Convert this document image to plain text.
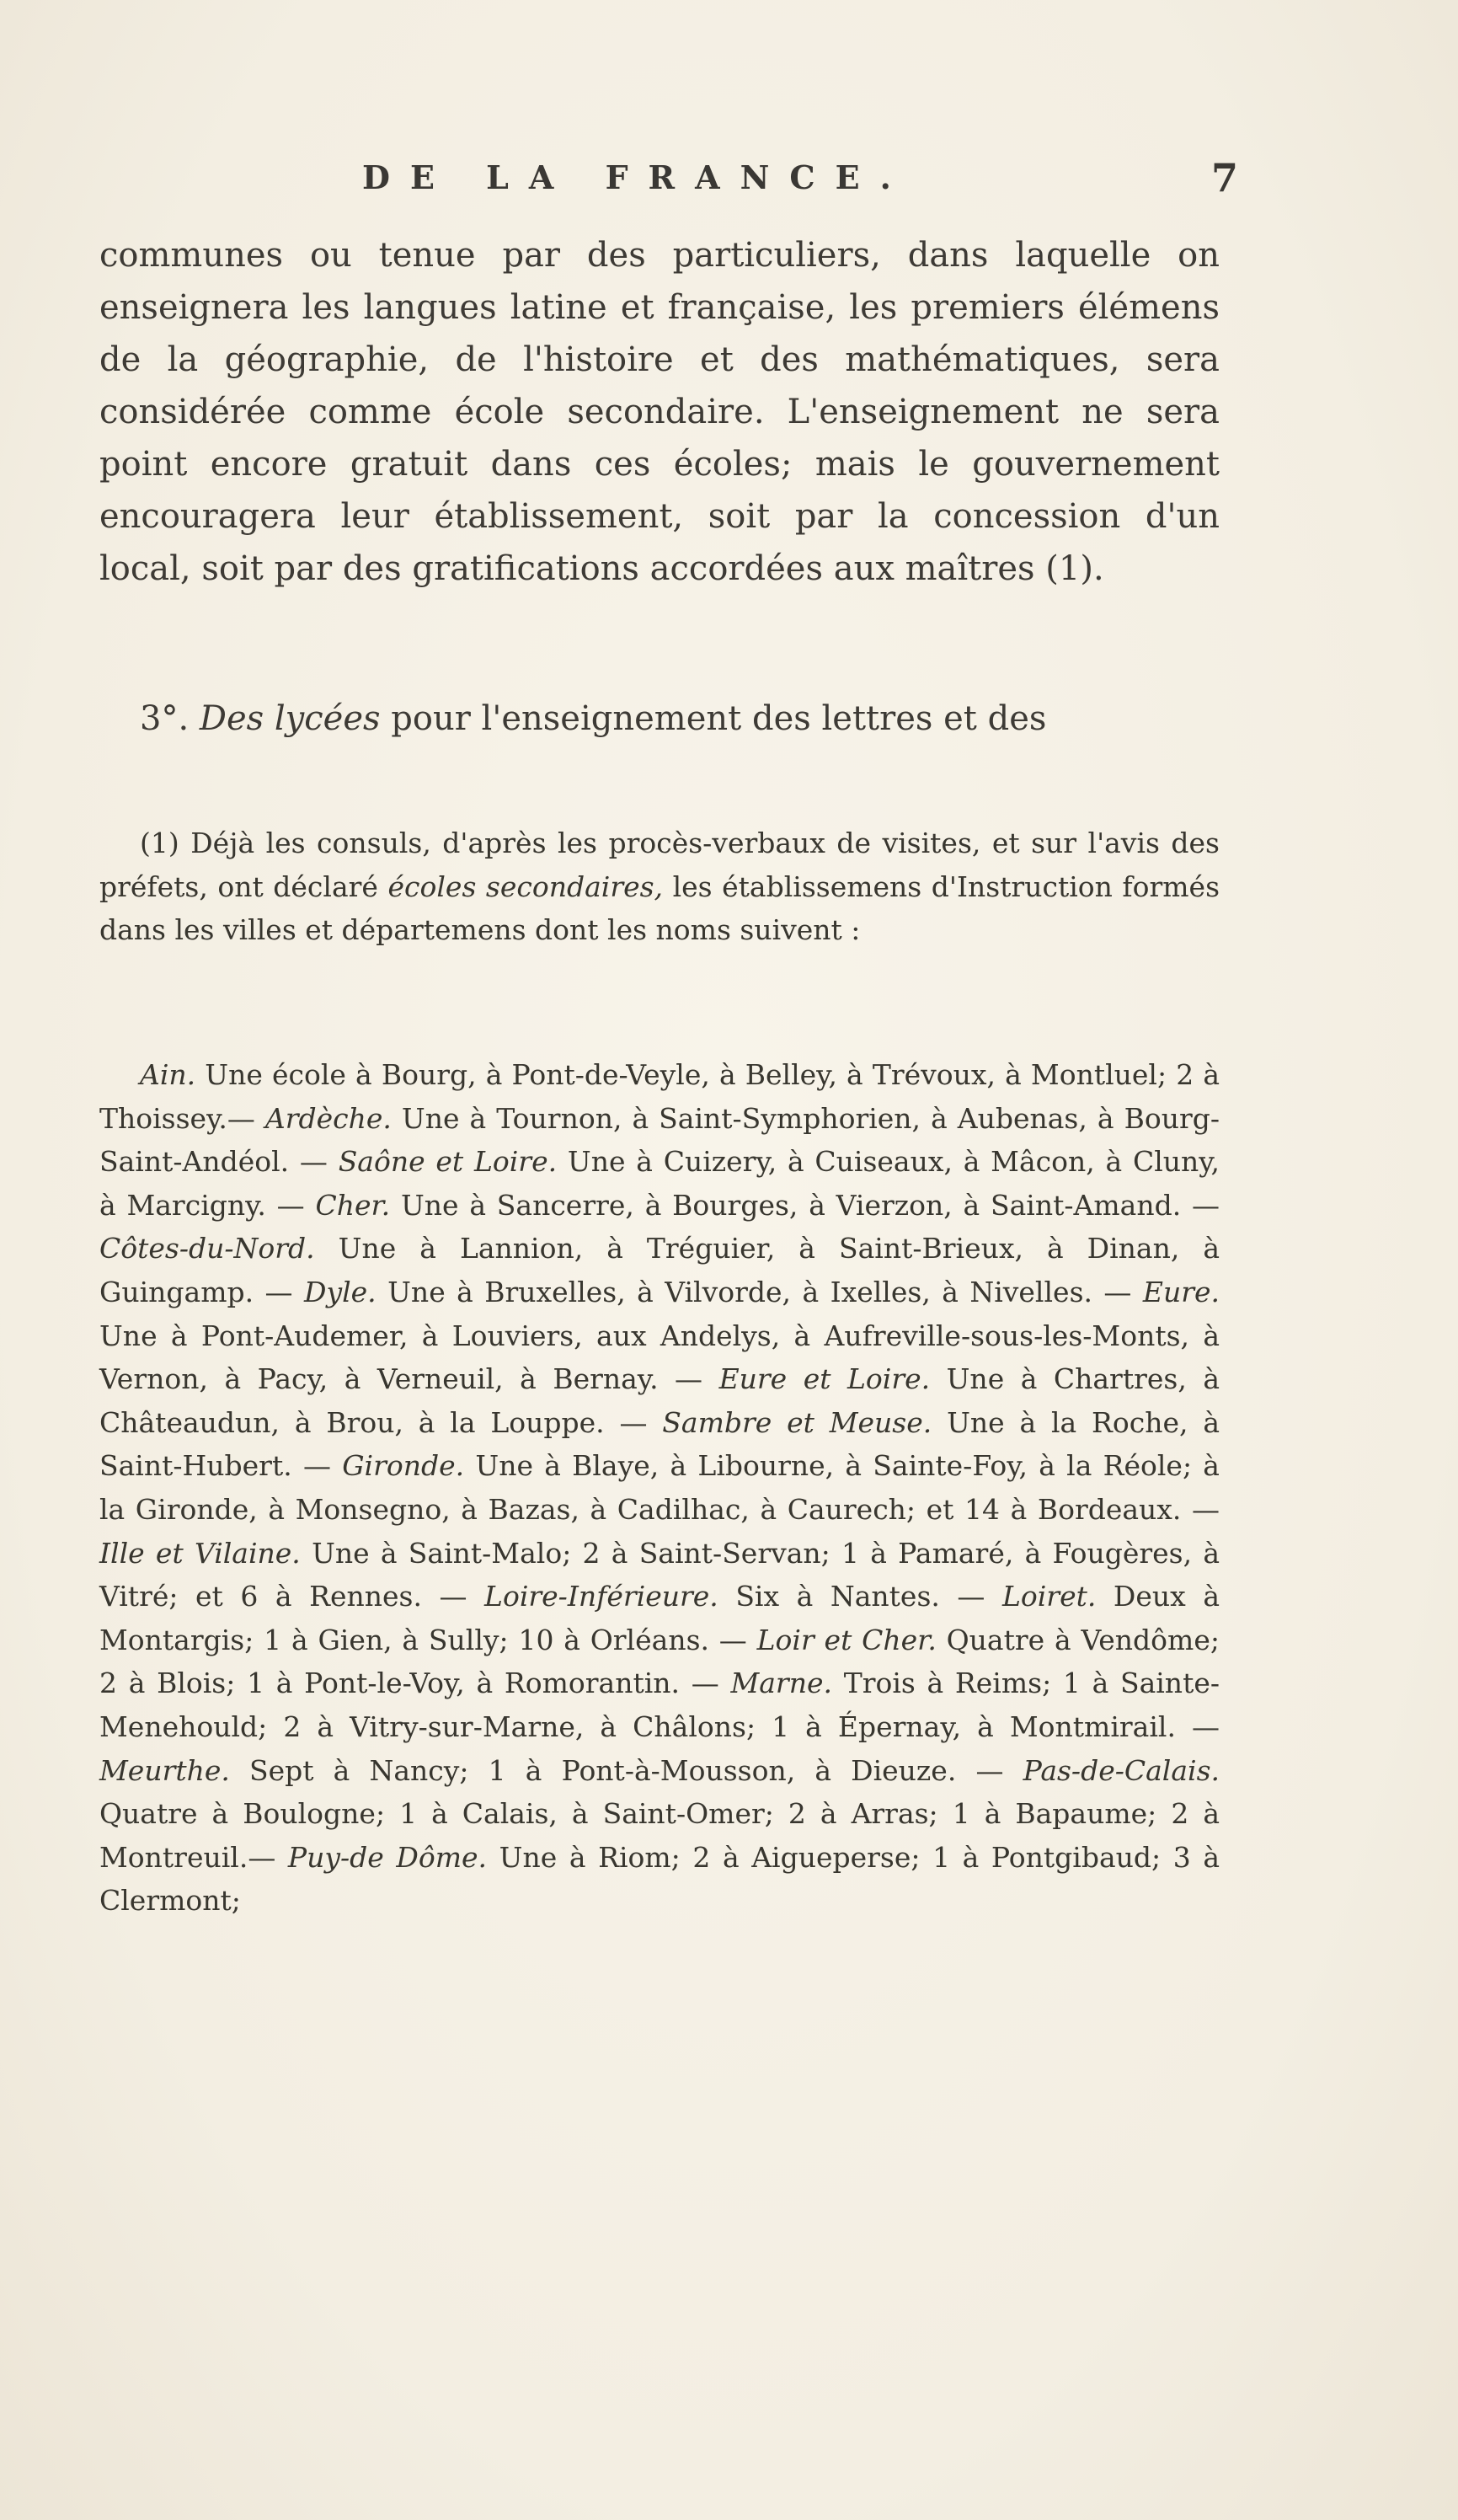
DE LA FRANCE.	7

communes ou tenue par des particuliers, dans laquelle on enseignera les langues latine et française, les premiers élémens de la géographie, de l'histoire et des mathématiques, sera considérée comme école secondaire. L'enseignement ne sera point encore gratuit dans ces écoles; mais le gouvernement encouragera leur établissement, soit par la concession d'un local, soit par des gratifications accordées aux maîtres (1).

3°. Des lycées pour l'enseignement des lettres et des

(1) Déjà les consuls, d'après les procès-verbaux de visites, et sur l'avis des préfets, ont déclaré écoles secondaires, les établissemens d'Instruction formés dans les villes et départemens dont les noms suivent :

Ain. Une école à Bourg, à Pont-de-Veyle, à Belley, à Trévoux, à Montluel; 2 à Thoissey.— Ardèche. Une à Tournon, à Saint-Symphorien, à Aubenas, à Bourg-Saint-Andéol. — Saône et Loire. Une à Cuizery, à Cuiseaux, à Mâcon, à Cluny, à Marcigny. — Cher. Une à Sancerre, à Bourges, à Vierzon, à Saint-Amand. — Côtes-du-Nord. Une à Lannion, à Tréguier, à Saint-Brieux, à Dinan, à Guingamp. — Dyle. Une à Bruxelles, à Vilvorde, à Ixelles, à Nivelles. — Eure. Une à Pont-Audemer, à Louviers, aux Andelys, à Aufreville-sous-les-Monts, à Vernon, à Pacy, à Verneuil, à Bernay. — Eure et Loire. Une à Chartres, à Châteaudun, à Brou, à la Louppe. — Sambre et Meuse. Une à la Roche, à Saint-Hubert. — Gironde. Une à Blaye, à Libourne, à Sainte-Foy, à la Réole; à la Gironde, à Monsegno, à Bazas, à Cadilhac, à Caurech; et 14 à Bordeaux. — Ille et Vilaine. Une à Saint-Malo; 2 à Saint-Servan; 1 à Pamaré, à Fougères, à Vitré; et 6 à Rennes. — Loire-Inférieure. Six à Nantes. — Loiret. Deux à Montargis; 1 à Gien, à Sully; 10 à Orléans. — Loir et Cher. Quatre à Vendôme; 2 à Blois; 1 à Pont-le-Voy, à Romorantin. — Marne. Trois à Reims; 1 à Sainte-Menehould; 2 à Vitry-sur-Marne, à Châlons; 1 à Épernay, à Montmirail. — Meurthe. Sept à Nancy; 1 à Pont-à-Mousson, à Dieuze. — Pas-de-Calais. Quatre à Boulogne; 1 à Calais, à Saint-Omer; 2 à Arras; 1 à Bapaume; 2 à Montreuil.— Puy-de Dôme. Une à Riom; 2 à Aigueperse; 1 à Pontgibaud; 3 à Clermont;
